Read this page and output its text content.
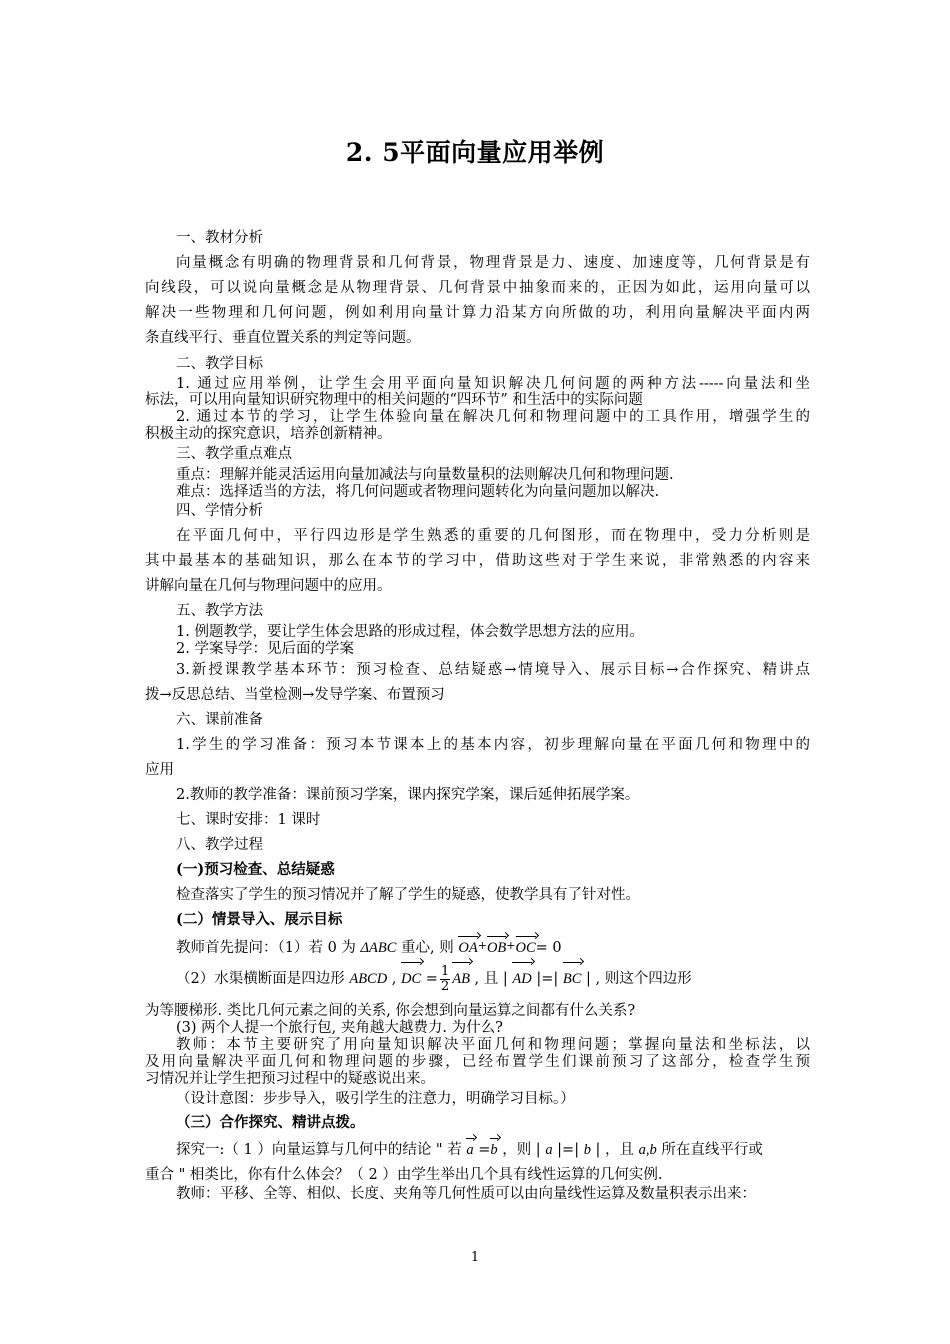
2. 5平面向量应用举例
一、教材分析
向量概念有明确的物理背景和几何背景，物理背景是力、速度、加速度等，几何背景是有
向线段，可以说向量概念是从物理背景、几何背景中抽象而来的，正因为如此，运用向量可以
解决一些物理和几何问题，例如利用向量计算力沿某方向所做的功，利用向量解决平面内两
条直线平行、垂直位置关系的判定等问题。
二、教学目标
1. 通过应用举例，让学生会用平面向量知识解决几何问题的两种方法-----向量法和坐
标法，可以用向量知识研究物理中的相关问题的“四环节” 和生活中的实际问题
2. 通过本节的学习，让学生体验向量在解决几何和物理问题中的工具作用，增强学生的
积极主动的探究意识，培养创新精神。
三、教学重点难点
重点：理解并能灵活运用向量加减法与向量数量积的法则解决几何和物理问题.
难点：选择适当的方法，将几何问题或者物理问题转化为向量问题加以解决.
四、学情分析
在平面几何中，平行四边形是学生熟悉的重要的几何图形，而在物理中，受力分析则是
其中最基本的基础知识，那么在本节的学习中，借助这些对于学生来说，非常熟悉的内容来
讲解向量在几何与物理问题中的应用。
五、教学方法
1. 例题教学，要让学生体会思路的形成过程，体会数学思想方法的应用。
2. 学案导学：见后面的学案
3.新授课教学基本环节：预习检查、总结疑惑→情境导入、展示目标→合作探究、精讲点
拨→反思总结、当堂检测→发导学案、布置预习
六、课前准备
1.学生的学习准备：预习本节课本上的基本内容，初步理解向量在平面几何和物理中的
应用
2.教师的教学准备：课前预习学案，课内探究学案，课后延伸拓展学案。
七、课时安排：1 课时
八、教学过程
(一)预习检查、总结疑惑
检查落实了学生的预习情况并了解了学生的疑惑，使教学具有了针对性。
(二）情景导入、展示目标
教师首先提问：（1）若 0 为 ΔABC 重心, 则 OA+OB+OC= 0
（2）水渠横断面是四边形 ABCD , DC = $\frac{1}{2}$ AB , 且 | AD |=| BC | , 则这个四边形
为等腰梯形. 类比几何元素之间的关系, 你会想到向量运算之间都有什么关系?
(3) 两个人提一个旅行包, 夹角越大越费力. 为什么?
教师：本节主要研究了用向量知识解决平面几何和物理问题；掌握向量法和坐标法，以
及用向量解决平面几何和物理问题的步骤，已经布置学生们课前预习了这部分，检查学生预
习情况并让学生把预习过程中的疑惑说出来。
（设计意图：步步导入，吸引学生的注意力，明确学习目标。）
（三）合作探究、精讲点拨。
探究一:（ 1 ）向量运算与几何中的结论 " 若 a =b ，则 | a |=| b | ，且 a,b 所在直线平行或
重合 " 相类比，你有什么体会？（ 2 ）由学生举出几个具有线性运算的几何实例.
教师：平移、全等、相似、长度、夹角等几何性质可以由向量线性运算及数量积表示出来：
1
